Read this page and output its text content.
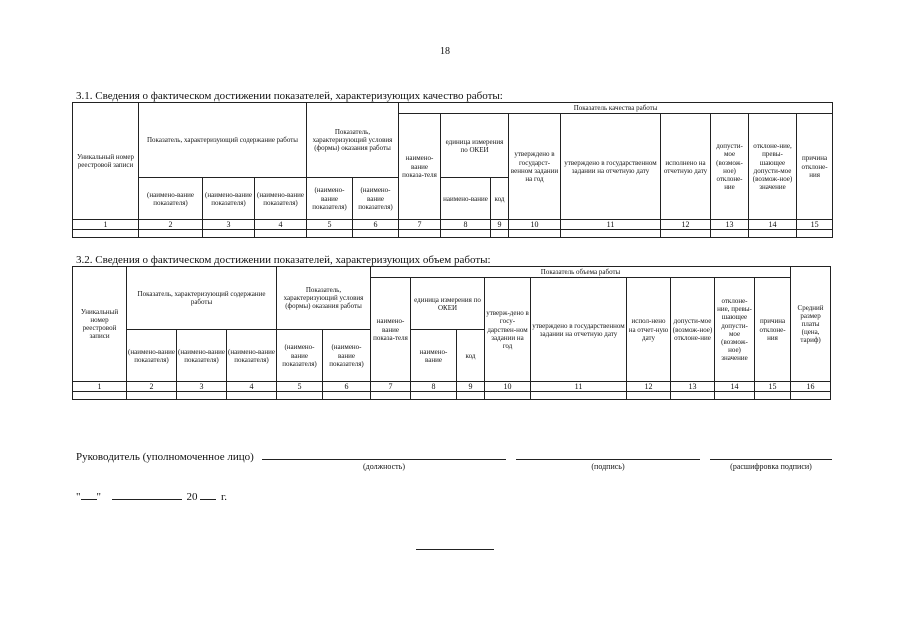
18
3.1. Сведения о фактическом достижении показателей, характеризующих качество работы:
Уникальный номер реестровой записи	Показатель, характеризующий содержание работы			Показатель, характеризующий условия (формы) оказания работы		Показатель качества работы								
						наимено-вание показа-теля	единица измерения по ОКЕИ		утверждено в государст-венном задании на год	утверждено в государственном задании на отчетную дату	исполнено на отчетную дату	допусти-мое (возмож-ное) отклоне-ние	отклоне-ние, превы-шающее допусти-мое (возмож-ное) значение	причина отклоне-ния
	(наимено-вание показателя)	(наимено-вание показателя)	(наимено-вание показателя)	(наимено-вание показателя)	(наимено-вание показателя)		наимено-вание	код						
1	2	3	4	5	6	7	8	9	10	11	12	13	14	15

3.2. Сведения о фактическом достижении показателей, характеризующих объем работы:
Уникальный номер реестровой записи	Показатель, характеризующий содержание работы			Показатель, характеризующий условия (формы) оказания работы		Показатель объема работы									Средний размер платы (цена, тариф)
						наимено-вание показа-теля	единица измерения по ОКЕИ		утверж-дено в госу-дарствен-ном задании на год	утверждено в государственном задании на отчетную дату	испол-нено на отчет-ную дату	допусти-мое (возмож-ное) отклоне-ние	отклоне-ние, превы-шающее допусти-мое (возмож-ное) значение	причина отклоне-ния	
	(наимено-вание показателя)	(наимено-вание показателя)	(наимено-вание показателя)	(наимено-вание показателя)	(наимено-вание показателя)		наимено-вание	код							
1	2	3	4	5	6	7	8	9	10	11	12	13	14	15	16

Руководитель (уполномоченное лицо)
(должность)	(подпись)	(расшифровка подписи)
" "	20 г.
